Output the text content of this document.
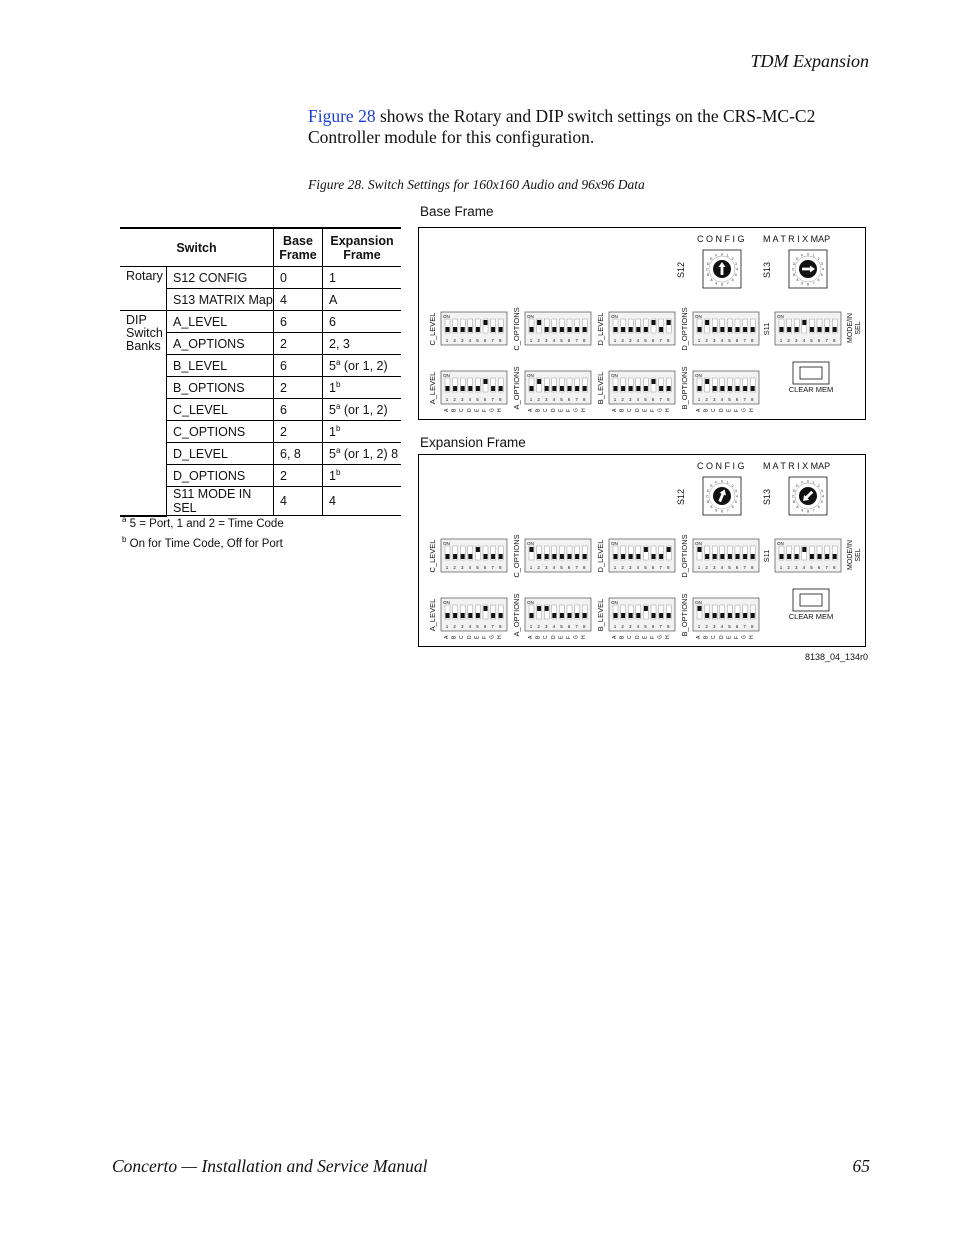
TDM Expansion
Figure 28 shows the Rotary and DIP switch settings on the CRS-MC-C2 Controller module for this configuration.
Figure 28. Switch Settings for 160x160 Audio and 96x96 Data
Switch		Base Frame	Expansion Frame
Rotary	S12 CONFIG	0	1
	S13 MATRIX Map	4	A
DIP Switch Banks	A_LEVEL	6	6
	A_OPTIONS	2	2, 3
	B_LEVEL	6	5$^a$ (or 1, 2)
	B_OPTIONS	2	1$^b$
	C_LEVEL	6	5$^a$ (or 1, 2)
	C_OPTIONS	2	1$^b$
	D_LEVEL	6, 8	5$^a$ (or 1, 2) 8
	D_OPTIONS	2	1$^b$
	S11 MODE IN SEL	4	4
$^a$ 5 = Port, 1 and 2 = Time Code
$^b$ On for Time Code, Off for Port
Base Frame
C O N F I G M A T R I X MAP
S12	S13
0 1
2
3
4
5
6
7
8
9
A
B
C
D
E
F	0 1
2
3
4
5
6
7
8
9
A
B
C
D
E
F
C_LEVEL ON
1 2 3 4 5 6 7 8 C_OPTIONS ON
1 2 3 4 5 6 7 8 D_LEVEL ON
1 2 3 4 5 6 7 8 D_OPTIONS ON
1 2 3 4 5 6 7 8
S11
ON
1 2 3 4 5 6 7 8 MODE/IN SEL
A_LEVEL ON
1 2 3 4 5 6 7 8
A B C D E F G H
A_OPTIONS ON
1 2 3 4 5 6 7 8
A B C D E F G H
B_LEVEL ON
1 2 3 4 5 6 7 8
A B C D E F G H
B_OPTIONS ON
1 2 3 4 5 6 7 8
A B C D E F G H
CLEAR MEM
Expansion Frame
C O N F I G M A T R I X MAP
S12	S13
0 1
2
3
4
5
6
7
8
9
A
B
C
D
E
F	0 1
2
3
4
5
6
7
8
9
A
B
C
D
E
F
C_LEVEL ON
1 2 3 4 5 6 7 8 C_OPTIONS ON
1 2 3 4 5 6 7 8 D_LEVEL ON
1 2 3 4 5 6 7 8 D_OPTIONS ON
1 2 3 4 5 6 7 8
S11
ON
1 2 3 4 5 6 7 8 MODE/IN SEL
A_LEVEL ON
1 2 3 4 5 6 7 8
A B C D E F G H
A_OPTIONS ON
1 2 3 4 5 6 7 8
A B C D E F G H
B_LEVEL ON
1 2 3 4 5 6 7 8
A B C D E F G H
B_OPTIONS ON
1 2 3 4 5 6 7 8
A B C D E F G H
CLEAR MEM
8138_04_134r0
Concerto — Installation and Service Manual	65
